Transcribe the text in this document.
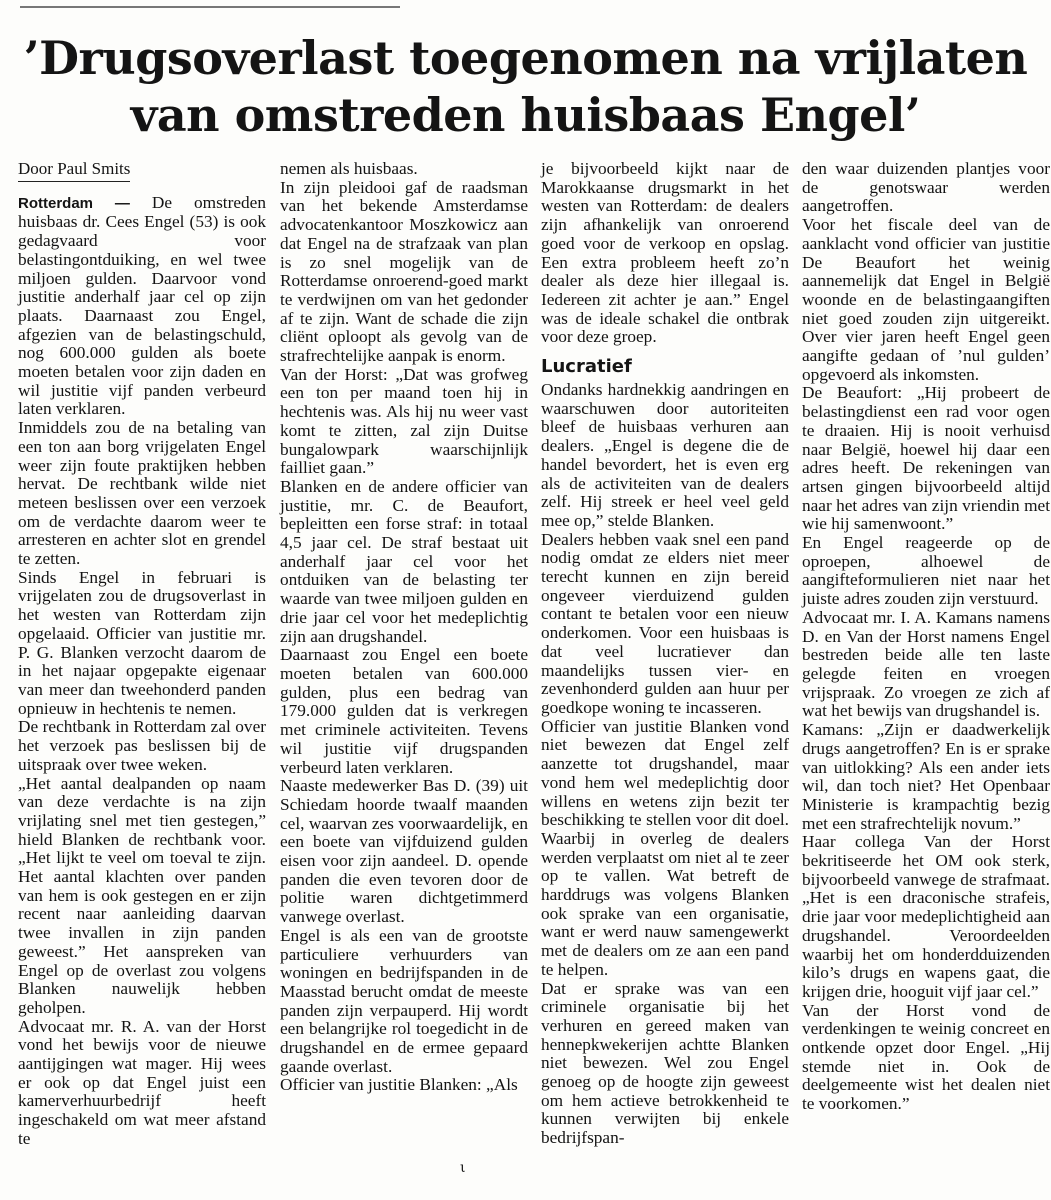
’Drugsoverlast toegenomen na vrijlaten van omstreden huisbaas Engel’
Door Paul Smits

Rotterdam — De omstreden huisbaas dr. Cees Engel (53) is ook gedagvaard voor belastingontduiking, en wel twee miljoen gulden. Daarvoor vond justitie anderhalf jaar cel op zijn plaats. Daarnaast zou Engel, afgezien van de belastingschuld, nog 600.000 gulden als boete moeten betalen voor zijn daden en wil justitie vijf panden verbeurd laten verklaren.

Inmiddels zou de na betaling van een ton aan borg vrijgelaten Engel weer zijn foute praktijken hebben hervat. De rechtbank wilde niet meteen beslissen over een verzoek om de verdachte daarom weer te arresteren en achter slot en grendel te zetten.

Sinds Engel in februari is vrijgelaten zou de drugsoverlast in het westen van Rotterdam zijn opgelaaid. Officier van justitie mr. P. G. Blanken verzocht daarom de in het najaar opgepakte eigenaar van meer dan tweehonderd panden opnieuw in hechtenis te nemen.

De rechtbank in Rotterdam zal over het verzoek pas beslissen bij de uitspraak over twee weken.

„Het aantal dealpanden op naam van deze verdachte is na zijn vrijlating snel met tien gestegen,” hield Blanken de rechtbank voor. „Het lijkt te veel om toeval te zijn. Het aantal klachten over panden van hem is ook gestegen en er zijn recent naar aanleiding daarvan twee invallen in zijn panden geweest.” Het aanspreken van Engel op de overlast zou volgens Blanken nauwelijk hebben geholpen.

Advocaat mr. R. A. van der Horst vond het bewijs voor de nieuwe aantijgingen wat mager. Hij wees er ook op dat Engel juist een kamerverhuurbedrijf heeft ingeschakeld om wat meer afstand te

nemen als huisbaas.

In zijn pleidooi gaf de raadsman van het bekende Amsterdamse advocatenkantoor Moszkowicz aan dat Engel na de strafzaak van plan is zo snel mogelijk van de Rotterdamse onroerend-goed markt te verdwijnen om van het gedonder af te zijn. Want de schade die zijn cliënt oploopt als gevolg van de strafrechtelijke aanpak is enorm.

Van der Horst: „Dat was grofweg een ton per maand toen hij in hechtenis was. Als hij nu weer vast komt te zitten, zal zijn Duitse bungalowpark waarschijnlijk failliet gaan.”

Blanken en de andere officier van justitie, mr. C. de Beaufort, bepleitten een forse straf: in totaal 4,5 jaar cel. De straf bestaat uit anderhalf jaar cel voor het ontduiken van de belasting ter waarde van twee miljoen gulden en drie jaar cel voor het medeplichtig zijn aan drugshandel.

Daarnaast zou Engel een boete moeten betalen van 600.000 gulden, plus een bedrag van 179.000 gulden dat is verkregen met criminele activiteiten. Tevens wil justitie vijf drugspanden verbeurd laten verklaren.

Naaste medewerker Bas D. (39) uit Schiedam hoorde twaalf maanden cel, waarvan zes voorwaardelijk, en een boete van vijfduizend gulden eisen voor zijn aandeel. D. opende panden die even tevoren door de politie waren dichtgetimmerd vanwege overlast.

Engel is als een van de grootste particuliere verhuurders van woningen en bedrijfspanden in de Maasstad berucht omdat de meeste panden zijn verpauperd. Hij wordt een belangrijke rol toegedicht in de drugshandel en de ermee gepaard gaande overlast.

Officier van justitie Blanken: „Als

je bijvoorbeeld kijkt naar de Marokkaanse drugsmarkt in het westen van Rotterdam: de dealers zijn afhankelijk van onroerend goed voor de verkoop en opslag. Een extra probleem heeft zo’n dealer als deze hier illegaal is. Iedereen zit achter je aan.” Engel was de ideale schakel die ontbrak voor deze groep.

Lucratief

Ondanks hardnekkig aandringen en waarschuwen door autoriteiten bleef de huisbaas verhuren aan dealers. „Engel is degene die de handel bevordert, het is even erg als de activiteiten van de dealers zelf. Hij streek er heel veel geld mee op,” stelde Blanken.

Dealers hebben vaak snel een pand nodig omdat ze elders niet meer terecht kunnen en zijn bereid ongeveer vierduizend gulden contant te betalen voor een nieuw onderkomen. Voor een huisbaas is dat veel lucratiever dan maandelijks tussen vier- en zevenhonderd gulden aan huur per goedkope woning te incasseren.

Officier van justitie Blanken vond niet bewezen dat Engel zelf aanzette tot drugshandel, maar vond hem wel medeplichtig door willens en wetens zijn bezit ter beschikking te stellen voor dit doel. Waarbij in overleg de dealers werden verplaatst om niet al te zeer op te vallen. Wat betreft de harddrugs was volgens Blanken ook sprake van een organisatie, want er werd nauw samengewerkt met de dealers om ze aan een pand te helpen.

Dat er sprake was van een criminele organisatie bij het verhuren en gereed maken van hennepkwekerijen achtte Blanken niet bewezen. Wel zou Engel genoeg op de hoogte zijn geweest om hem actieve betrokkenheid te kunnen verwijten bij enkele bedrijfspan-

den waar duizenden plantjes voor de genotswaar werden aangetroffen.

Voor het fiscale deel van de aanklacht vond officier van justitie De Beaufort het weinig aannemelijk dat Engel in België woonde en de belastingaangiften niet goed zouden zijn uitgereikt. Over vier jaren heeft Engel geen aangifte gedaan of ’nul gulden’ opgevoerd als inkomsten.

De Beaufort: „Hij probeert de belastingdienst een rad voor ogen te draaien. Hij is nooit verhuisd naar België, hoewel hij daar een adres heeft. De rekeningen van artsen gingen bijvoorbeeld altijd naar het adres van zijn vriendin met wie hij samenwoont.”

En Engel reageerde op de oproepen, alhoewel de aangifteformulieren niet naar het juiste adres zouden zijn verstuurd.

Advocaat mr. I. A. Kamans namens D. en Van der Horst namens Engel bestreden beide alle ten laste gelegde feiten en vroegen vrijspraak. Zo vroegen ze zich af wat het bewijs van drugshandel is.

Kamans: „Zijn er daadwerkelijk drugs aangetroffen? En is er sprake van uitlokking? Als een ander iets wil, dan toch niet? Het Openbaar Ministerie is krampachtig bezig met een strafrechtelijk novum.”

Haar collega Van der Horst bekritiseerde het OM ook sterk, bijvoorbeeld vanwege de strafmaat. „Het is een draconische strafeis, drie jaar voor medeplichtigheid aan drugshandel. Veroordeelden waarbij het om honderdduizenden kilo’s drugs en wapens gaat, die krijgen drie, hooguit vijf jaar cel.”

Van der Horst vond de verdenkingen te weinig concreet en ontkende opzet door Engel. „Hij stemde niet in. Ook de deelgemeente wist het dealen niet te voorkomen.”

ι
